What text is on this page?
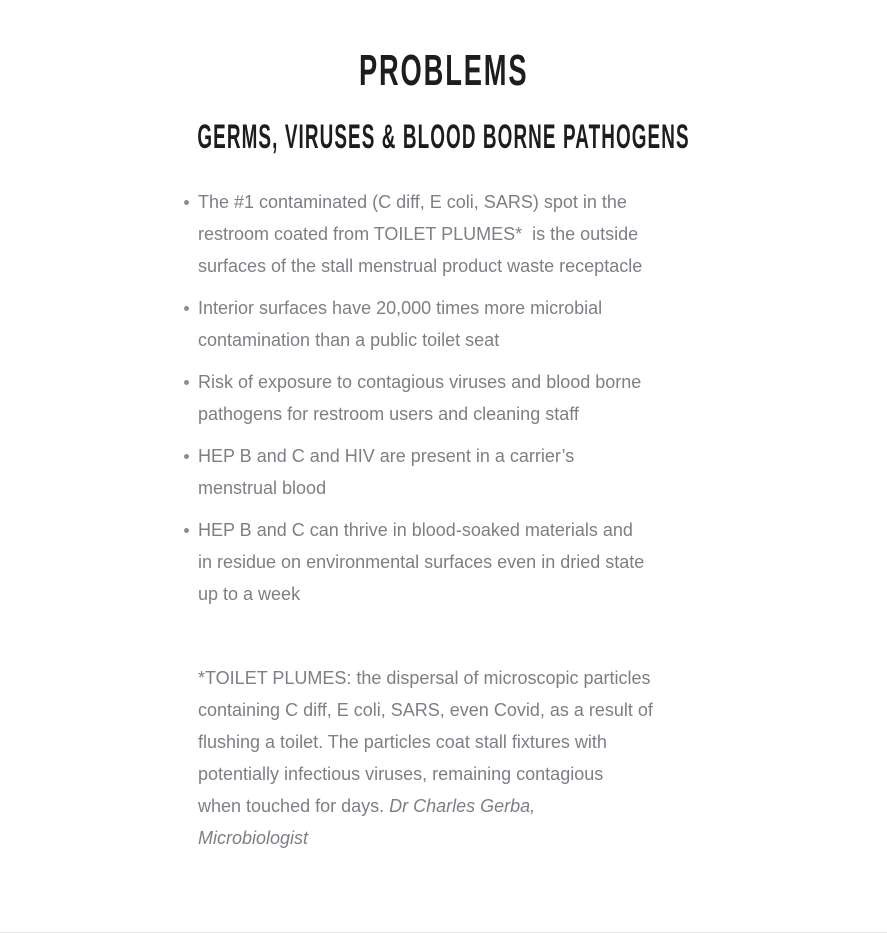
PROBLEMS
GERMS, VIRUSES & BLOOD BORNE PATHOGENS
The #1 contaminated (C diff, E coli, SARS) spot in the
restroom coated from TOILET PLUMES*  is the outside
surfaces of the stall menstrual product waste receptacle
Interior surfaces have 20,000 times more microbial
contamination than a public toilet seat
Risk of exposure to contagious viruses and blood borne
pathogens for restroom users and cleaning staff
HEP B and C and HIV are present in a carrier’s
menstrual blood
HEP B and C can thrive in blood-soaked materials and
in residue on environmental surfaces even in dried state
up to a week
*TOILET PLUMES: the dispersal of microscopic particles
containing C diff, E coli, SARS, even Covid, as a result of
flushing a toilet. The particles coat stall fixtures with
potentially infectious viruses, remaining contagious
when touched for days. Dr Charles Gerba,
Microbiologist
